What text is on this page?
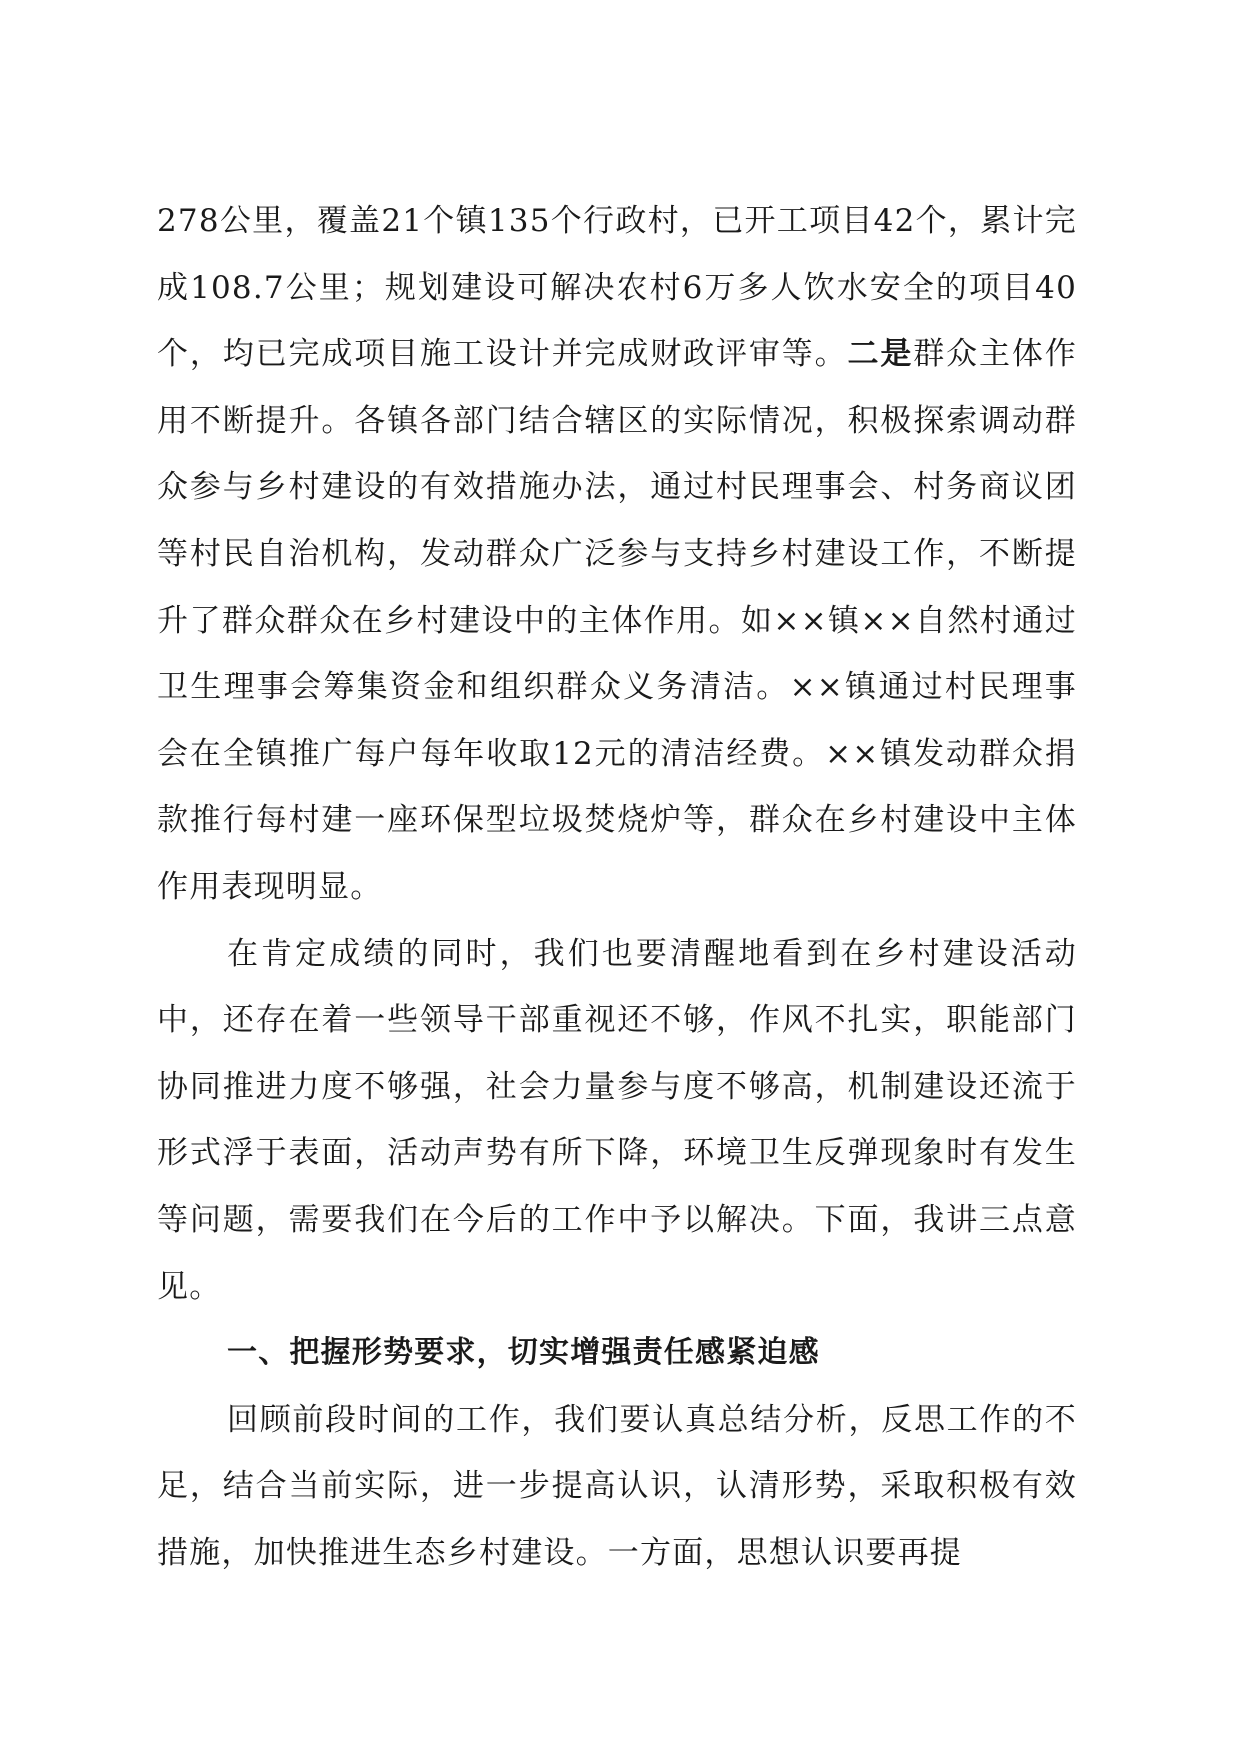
278公里，覆盖21个镇135个行政村，已开工项目42个，累计完成108.7公里；规划建设可解决农村6万多人饮水安全的项目40个，均已完成项目施工设计并完成财政评审等。二是群众主体作用不断提升。各镇各部门结合辖区的实际情况，积极探索调动群众参与乡村建设的有效措施办法，通过村民理事会、村务商议团等村民自治机构，发动群众广泛参与支持乡村建设工作，不断提升了群众群众在乡村建设中的主体作用。如××镇××自然村通过卫生理事会筹集资金和组织群众义务清洁。××镇通过村民理事会在全镇推广每户每年收取12元的清洁经费。××镇发动群众捐款推行每村建一座环保型垃圾焚烧炉等，群众在乡村建设中主体作用表现明显。

在肯定成绩的同时，我们也要清醒地看到在乡村建设活动中，还存在着一些领导干部重视还不够，作风不扎实，职能部门协同推进力度不够强，社会力量参与度不够高，机制建设还流于形式浮于表面，活动声势有所下降，环境卫生反弹现象时有发生等问题，需要我们在今后的工作中予以解决。下面，我讲三点意见。

一、把握形势要求，切实增强责任感紧迫感

回顾前段时间的工作，我们要认真总结分析，反思工作的不足，结合当前实际，进一步提高认识，认清形势，采取积极有效措施，加快推进生态乡村建设。一方面，思想认识要再提
